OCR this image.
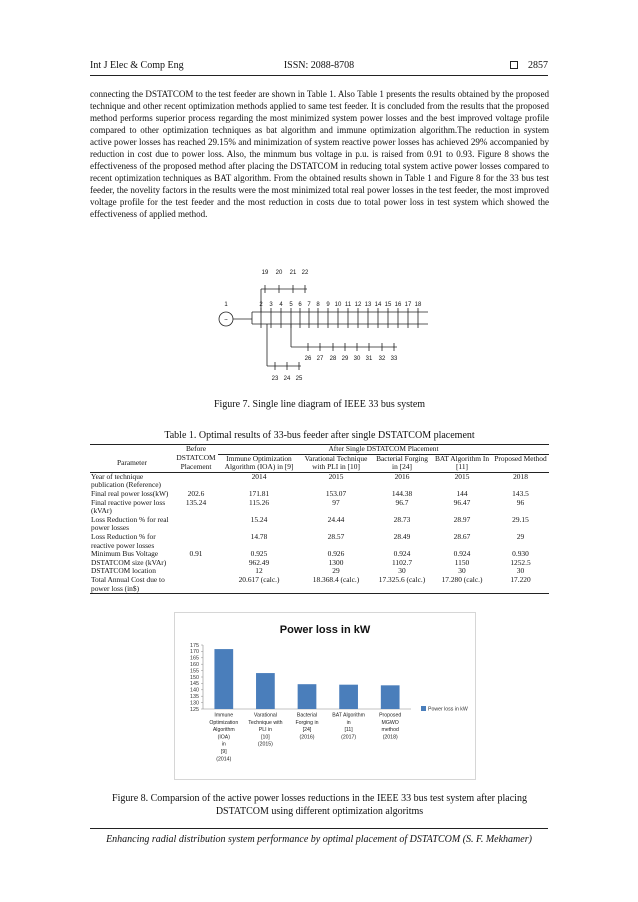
Int J Elec & Comp Eng	ISSN: 2088-8708	2857

connecting the DSTATCOM to the test feeder are shown in Table 1. Also Table 1 presents the results obtained by the proposed technique and other recent optimization methods applied to same test feeder. It is concluded from the results that the proposed method performs superior process regarding the most minimized system power losses and the best improved voltage profile compared to other optimization techniques as bat algorithm and immune optimization algorithm.The reduction in system active power losses has reached 29.15% and minimization of system reactive power losses has achieved 29% accompanied by reduction in cost due to power loss. Also, the minmum bus voltage in p.u. is raised from 0.91 to 0.93. Figure 8 shows the effectiveness of the proposed method after placing the DSTATCOM in reducing total system active power losses compared to recent optimization techniques as BAT algorithm. From the obtained results shown in Table 1 and Figure 8 for the 33 bus test feeder, the novelity factors in the results were the most minimized total real power losses in the test feeder, the most improved voltage profile for the test feeder and the most reduction in costs due to total power loss in test system which showed the effectiveness of applied method.

~
1	2 3 4 5 6 7 8 9 10 11 12 13 14 15 16 17 18
19 20 21 22
26 27 28 29 30 31 32 33
23 24 25
Figure 7. Single line diagram of IEEE 33 bus system
Table 1. Optimal results of 33-bus feeder after single DSTATCOM placement
	Before	After Single DSTATCOM Placement				
Parameter	DSTATCOM Placement	Immune Optimization Algorithm (IOA) in [9]	Varational Technique with PLI in [10]	Bacterial Forging in [24]	BAT Algorithm In [11]	Proposed Method
Year of technique publication (Reference)		2014	2015	2016	2015	2018
Final real power loss(kW)	202.6	171.81	153.07	144.38	144	143.5
Final reactive power loss (kVAr)	135.24	115.26	97	96.7	96.47	96
Loss Reduction % for real power losses		15.24	24.44	28.73	28.97	29.15
Loss Reduction % for reactive power losses		14.78	28.57	28.49	28.67	29
Minimum Bus Voltage	0.91	0.925	0.926	0.924	0.924	0.930
DSTATCOM size (kVAr)		962.49	1300	1102.7	1150	1252.5
DSTATCOM location		12	29	30	30	30
Total Annual Cost due to power loss (in$)		20.617 (calc.)	18.368.4 (calc.)	17.325.6 (calc.)	17.280 (calc.)	17.220
Power loss in kW
175
170
165
160
155
150
145
140
135
130
125
Immune
Optimization
Algorithm
(IOA)
in
[9]
(2014)
Varational
Technique with
PLI in
[10]
(2015)
Bacterial
Forging in
[24]
(2016)
BAT Algorithm
in
[11]
(2017)
Proposed
MGWO
method
(2018)
Power loss in kW
Figure 8. Comparsion of the active power losses reductions in the IEEE 33 bus test system after placing DSTATCOM using different optimization algoritms
Enhancing radial distribution system performance by optimal placement of DSTATCOM (S. F. Mekhamer)
